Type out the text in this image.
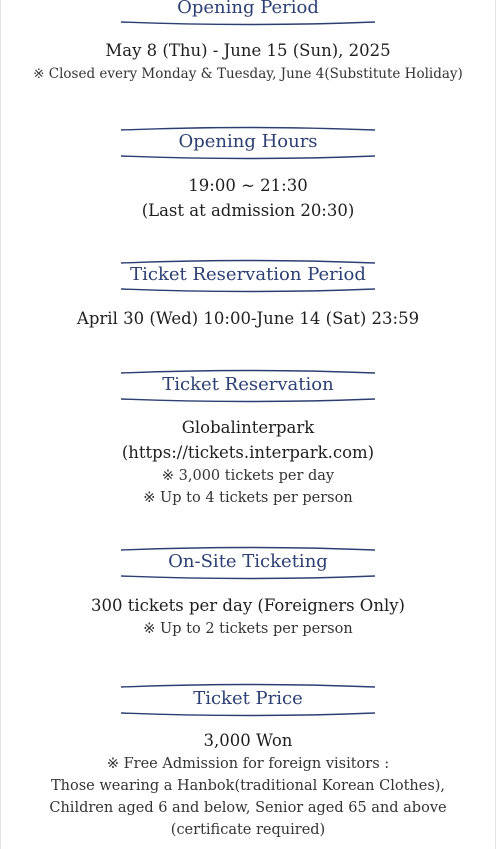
Opening Period
May 8 (Thu) - June 15 (Sun), 2025
※ Closed every Monday & Tuesday, June 4(Substitute Holiday)
Opening Hours
19:00 ~ 21:30
(Last at admission 20:30)
Ticket Reservation Period
April 30 (Wed) 10:00-June 14 (Sat) 23:59
Ticket Reservation
Globalinterpark
(https://tickets.interpark.com)
※ 3,000 tickets per day
※ Up to 4 tickets per person
On-Site Ticketing
300 tickets per day (Foreigners Only)
※ Up to 2 tickets per person
Ticket Price
3,000 Won
※ Free Admission for foreign visitors :
Those wearing a Hanbok(traditional Korean Clothes),
Children aged 6 and below, Senior aged 65 and above
(certificate required)
